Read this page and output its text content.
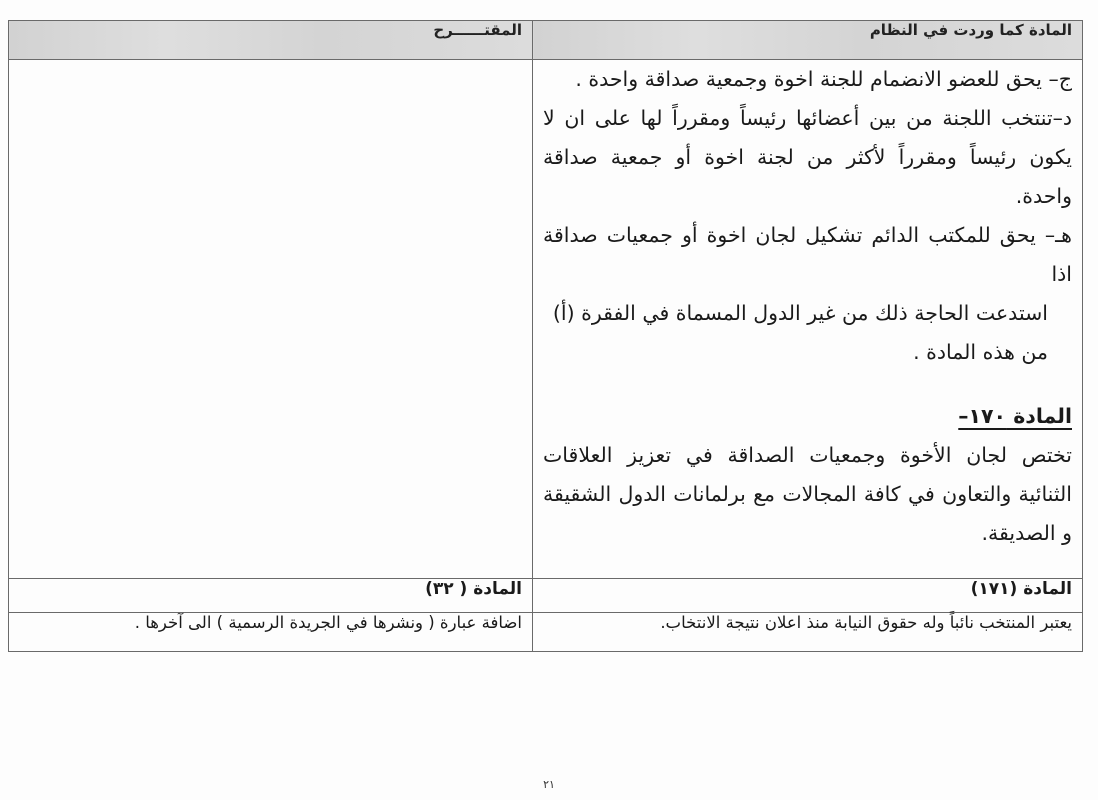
المادة كما وردت في النظام	المقتــــــرح

ج– يحق للعضو الانضمام للجنة اخوة وجمعية صداقة واحدة .

د–تنتخب اللجنة من بين أعضائها رئيساً ومقرراً لها على ان لا يكون رئيساً ومقرراً لأكثر من لجنة اخوة أو جمعية صداقة واحدة.

هـ– يحق للمكتب الدائم تشكيل لجان اخوة أو جمعيات صداقة اذا

استدعت الحاجة ذلك من غير الدول المسماة في الفقرة (أ)

من هذه المادة .

المادة ١٧٠–

تختص لجان الأخوة وجمعيات الصداقة في تعزيز العلاقات الثنائية والتعاون في كافة المجالات مع برلمانات الدول الشقيقة و الصديقة.

المادة (١٧١)	المادة ( ٣٢)
يعتبر المنتخب نائباً وله حقوق النيابة منذ اعلان نتيجة الانتخاب.	اضافة عبارة ( ونشرها في الجريدة الرسمية ) الى آخرها .
٢١
